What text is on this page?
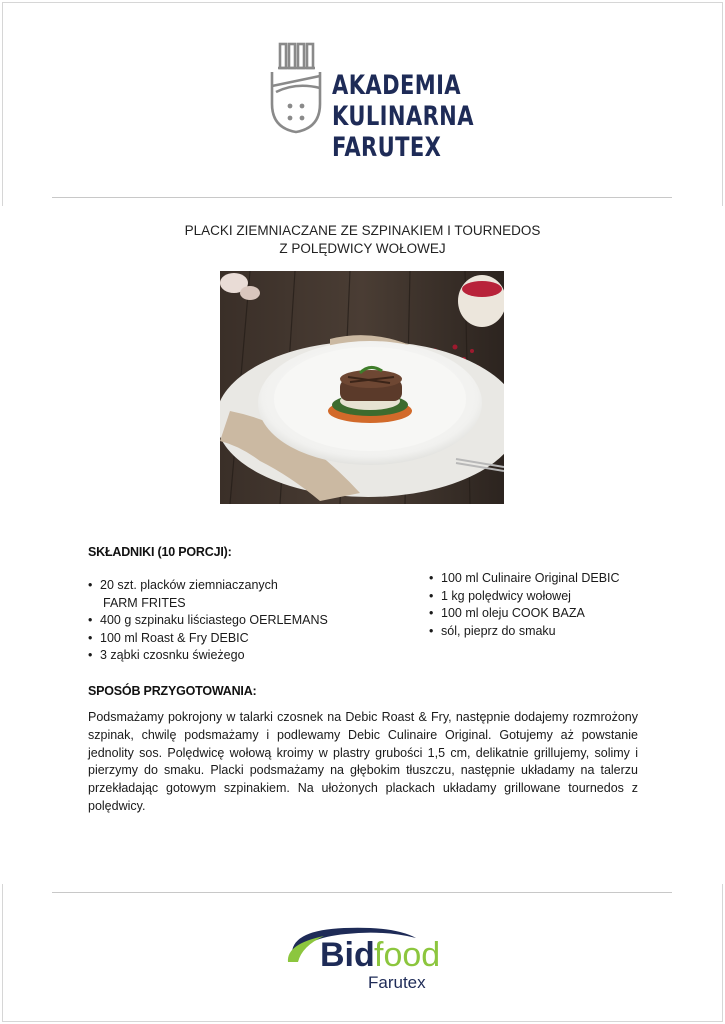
AKADEMIA
KULINARNA
FARUTEX
PLACKI ZIEMNIACZANE ZE SZPINAKIEM I TOURNEDOS
Z POLĘDWICY WOŁOWEJ
SKŁADNIKI (10 PORCJI):
• 20 szt. placków ziemniaczanych
FARM FRITES
• 400 g szpinaku liściastego OERLEMANS
• 100 ml Roast & Fry DEBIC
• 3 ząbki czosnku świeżego
• 100 ml Culinaire Original DEBIC
• 1 kg polędwicy wołowej
• 100 ml oleju COOK BAZA
• sól, pieprz do smaku
SPOSÓB PRZYGOTOWANIA:
Podsmażamy pokrojony w talarki czosnek na Debic Roast & Fry, następnie dodajemy rozmrożony szpinak, chwilę podsmażamy i podlewamy Debic Culinaire Original. Gotujemy aż powstanie jednolity sos. Polędwicę wołową kroimy w plastry grubości 1,5 cm, delikatnie grillujemy, solimy i pierzymy do smaku. Placki podsmażamy na głębokim tłuszczu, następnie układamy na talerzu przekładając gotowym szpinakiem. Na ułożonych plackach układamy grillowane tournedos z polędwicy.
Bid food
Farutex
